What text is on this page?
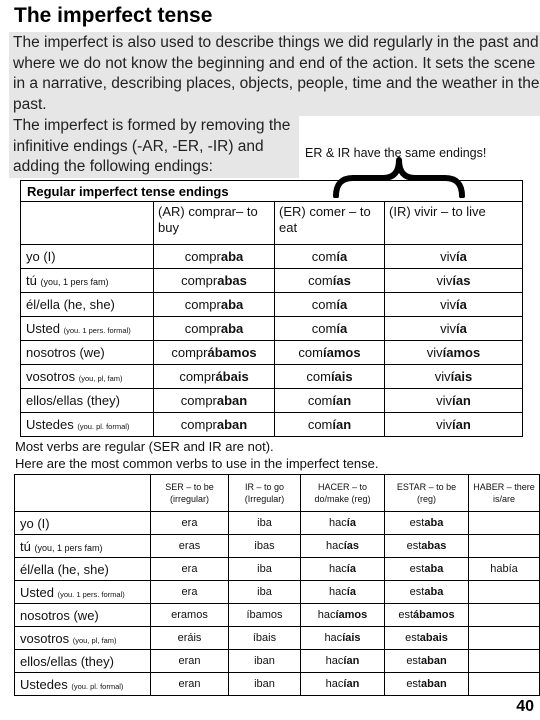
The imperfect tense

The imperfect is also used to describe things we did regularly in the past and where we do not know the beginning and end of the action. It sets the scene in a narrative, describing places, objects, people, time and the weather in the past.

The imperfect is formed by removing the infinitive endings (-AR, -ER, -IR) and adding the following endings:

ER & IR have the same endings!
Regular imperfect tense endings			
	(AR) comprar– to buy	(ER) comer – to eat	(IR) vivir – to live
yo (I)	compraba	comía	vivía
tú (you, 1 pers fam)	comprabas	comías	vivías
él/ella (he, she)	compraba	comía	vivía
Usted (you. 1 pers. formal)	compraba	comía	vivía
nosotros (we)	comprábamos	comíamos	vivíamos
vosotros (you, pl, fam)	comprábais	comíais	vivíais
ellos/ellas (they)	compraban	comían	vivían
Ustedes (you. pl. formal)	compraban	comían	vivían
Most verbs are regular (SER and IR are not).
Here are the most common verbs to use in the imperfect tense.
	SER – to be (irregular)	IR – to go (Irregular)	HACER – to do/make (reg)	ESTAR – to be (reg)	HABER – there is/are
yo (I)	era	iba	hacía	estaba	
tú (you, 1 pers fam)	eras	ibas	hacías	estabas	
él/ella (he, she)	era	iba	hacía	estaba	había
Usted (you. 1 pers. formal)	era	iba	hacía	estaba	
nosotros (we)	eramos	íbamos	hacíamos	estábamos	
vosotros (you, pl, fam)	eráis	íbais	hacíais	estabais	
ellos/ellas (they)	eran	iban	hacían	estaban	
Ustedes (you. pl. formal)	eran	iban	hacían	estaban	
40
